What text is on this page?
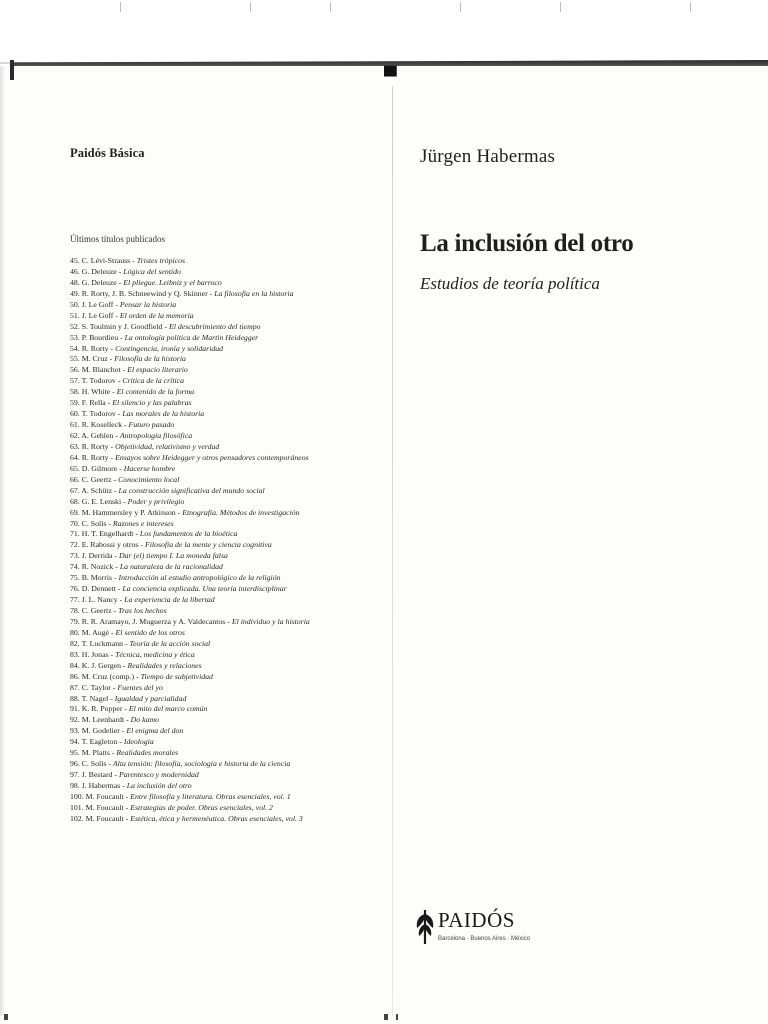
▀
Paidós Básica
Últimos títulos publicados
45. C. Lévi-Strauss - Tristes trópicos
46. G. Deleuze - Lógica del sentido
48. G. Deleuze - El pliegue. Leibniz y el barroco
49. R. Rorty, J. B. Schneewind y Q. Skinner - La filosofía en la historia
50. J. Le Goff - Pensar la historia
51. J. Le Goff - El orden de la memoria
52. S. Toulmin y J. Goodfield - El descubrimiento del tiempo
53. P. Bourdieu - La ontología política de Martin Heidegger
54. R. Rorty - Contingencia, ironía y solidaridad
55. M. Cruz - Filosofía de la historia
56. M. Blanchot - El espacio literario
57. T. Todorov - Crítica de la crítica
58. H. White - El contenido de la forma
59. F. Rella - El silencio y las palabras
60. T. Todorov - Las morales de la historia
61. R. Koselleck - Futuro pasado
62. A. Gehlen - Antropología filosófica
63. R. Rorty - Objetividad, relativismo y verdad
64. R. Rorty - Ensayos sobre Heidegger y otros pensadores contemporáneos
65. D. Gilmore - Hacerse hombre
66. C. Geertz - Conocimiento local
67. A. Schütz - La construcción significativa del mundo social
68. G. E. Lenski - Poder y privilegio
69. M. Hammersley y P. Atkinson - Etnografía. Métodos de investigación
70. C. Solís - Razones e intereses
71. H. T. Engelhardt - Los fundamentos de la bioética
72. E. Rabossi y otros - Filosofía de la mente y ciencia cognitiva
73. J. Derrida - Dar (el) tiempo I. La moneda falsa
74. R. Nozick - La naturaleza de la racionalidad
75. B. Morris - Introducción al estudio antropológico de la religión
76. D. Dennett - La conciencia explicada. Una teoría interdisciplinar
77. J. L. Nancy - La experiencia de la libertad
78. C. Geertz - Tras los hechos
79. R. R. Aramayo, J. Muguerza y A. Valdecantos - El individuo y la historia
80. M. Augé - El sentido de los otros
82. T. Luckmann - Teoría de la acción social
83. H. Jonas - Técnica, medicina y ética
84. K. J. Gergen - Realidades y relaciones
86. M. Cruz (comp.) - Tiempo de subjetividad
87. C. Taylor - Fuentes del yo
88. T. Nagel - Igualdad y parcialidad
91. K. R. Popper - El mito del marco común
92. M. Leenhardt - Do kamo
93. M. Godelier - El enigma del don
94. T. Eagleton - Ideología
95. M. Platts - Realidades morales
96. C. Solís - Alta tensión: filosofía, sociología e historia de la ciencia
97. J. Bestard - Parentesco y modernidad
98. J. Habermas - La inclusión del otro
100. M. Foucault - Entre filosofía y literatura. Obras esenciales, vol. 1
101. M. Foucault - Estrategias de poder. Obras esenciales, vol. 2
102. M. Foucault - Estética, ética y hermenéutica. Obras esenciales, vol. 3
Jürgen Habermas
La inclusión del otro
Estudios de teoría política
PAIDÓS
Barcelona · Buenos Aires · México
